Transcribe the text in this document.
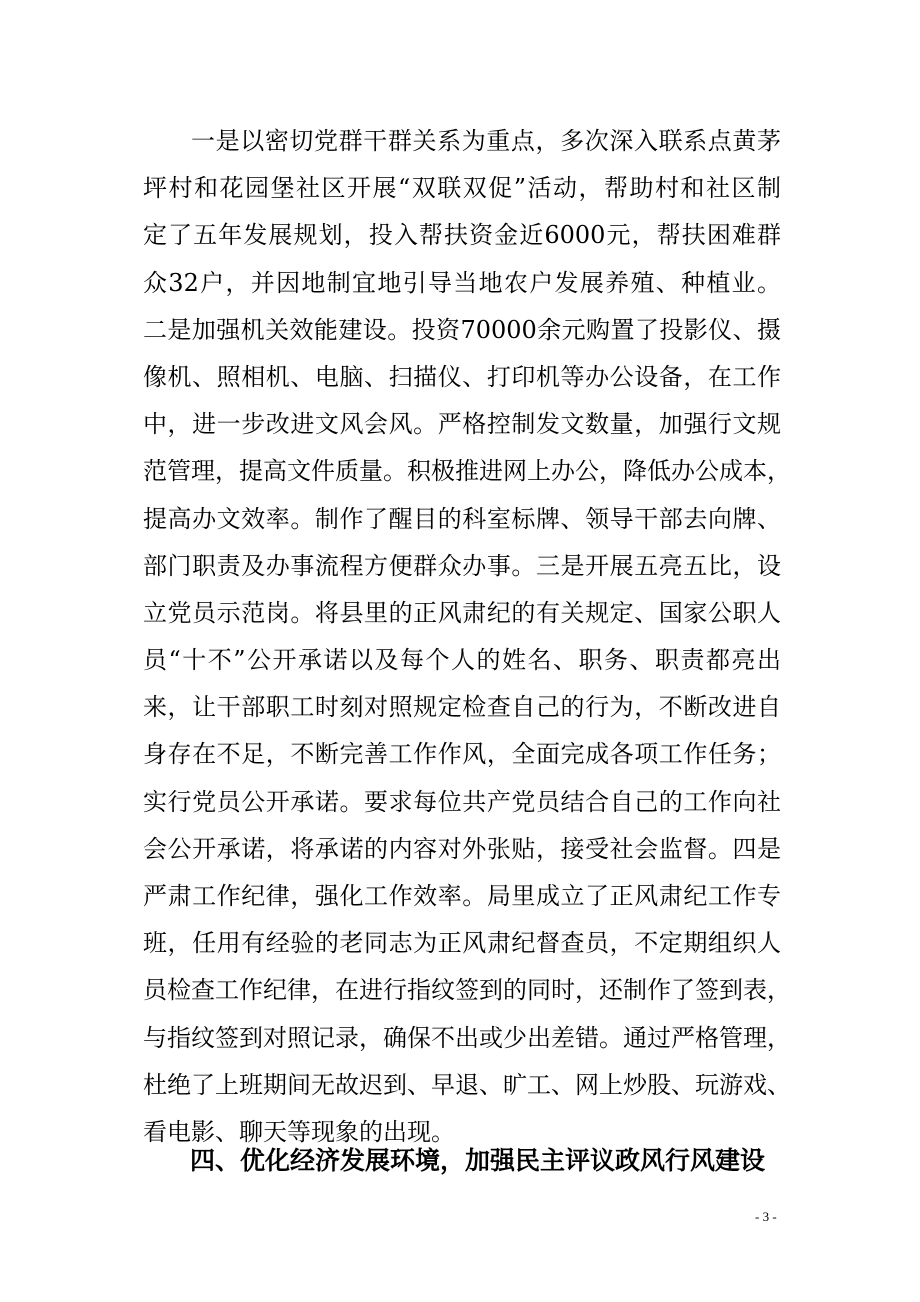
一是以密切党群干群关系为重点，多次深入联系点黄茅
坪村和花园堡社区开展“双联双促”活动，帮助村和社区制
定了五年发展规划，投入帮扶资金近6000元，帮扶困难群
众32户，并因地制宜地引导当地农户发展养殖、种植业。
二是加强机关效能建设。投资70000余元购置了投影仪、摄
像机、照相机、电脑、扫描仪、打印机等办公设备，在工作
中，进一步改进文风会风。严格控制发文数量，加强行文规
范管理，提高文件质量。积极推进网上办公，降低办公成本，
提高办文效率。制作了醒目的科室标牌、领导干部去向牌、
部门职责及办事流程方便群众办事。三是开展五亮五比，设
立党员示范岗。将县里的正风肃纪的有关规定、国家公职人
员“十不”公开承诺以及每个人的姓名、职务、职责都亮出
来，让干部职工时刻对照规定检查自己的行为，不断改进自
身存在不足，不断完善工作作风，全面完成各项工作任务；
实行党员公开承诺。要求每位共产党员结合自己的工作向社
会公开承诺，将承诺的内容对外张贴，接受社会监督。四是
严肃工作纪律，强化工作效率。局里成立了正风肃纪工作专
班，任用有经验的老同志为正风肃纪督查员，不定期组织人
员检查工作纪律，在进行指纹签到的同时，还制作了签到表，
与指纹签到对照记录，确保不出或少出差错。通过严格管理，
杜绝了上班期间无故迟到、早退、旷工、网上炒股、玩游戏、
看电影、聊天等现象的出现。
四、优化经济发展环境，加强民主评议政风行风建设
- 3 -
